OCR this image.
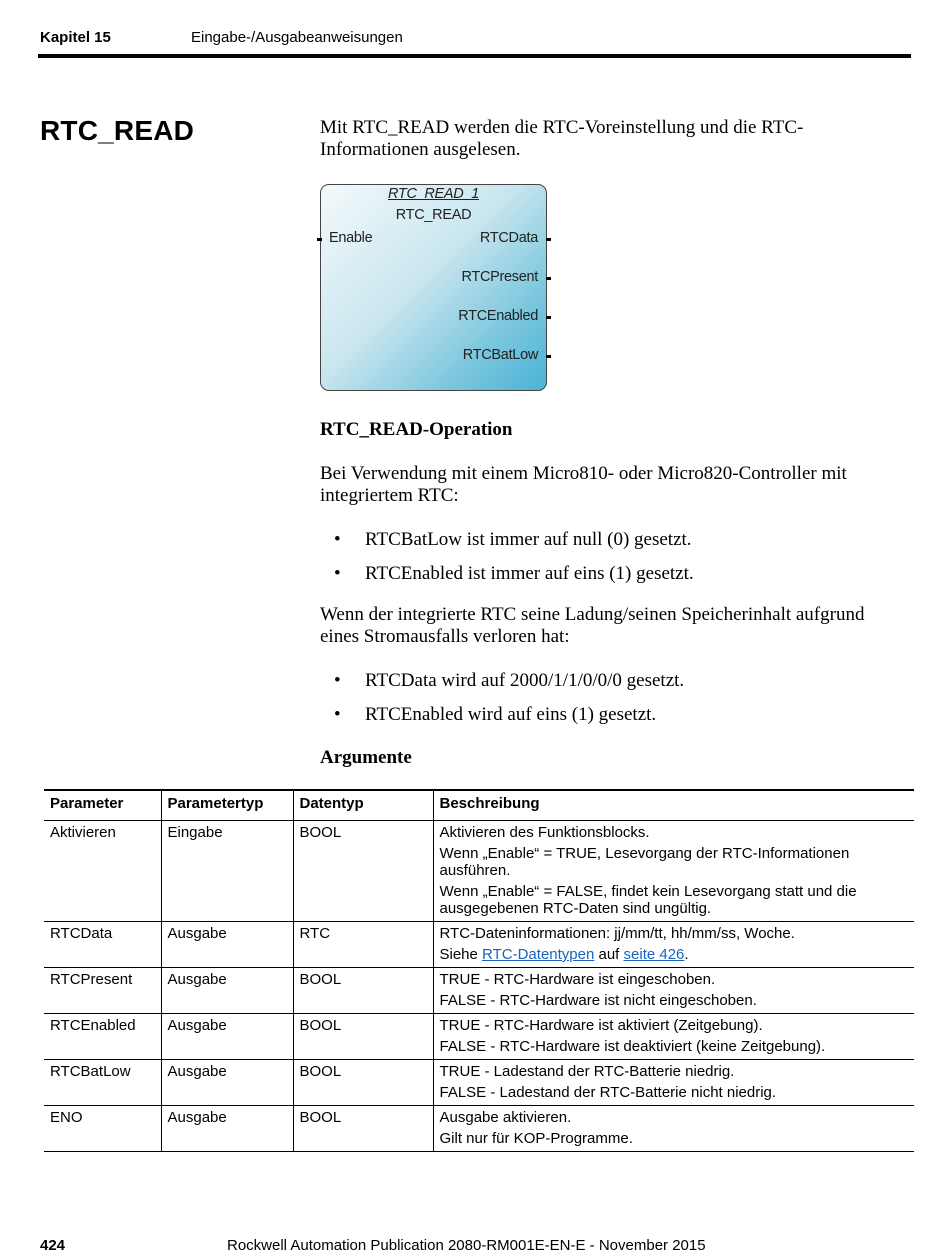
Kapitel 15	Eingabe-/Ausgabeanweisungen
RTC_READ	Mit RTC_READ werden die RTC-Voreinstellung und die RTC-Informationen ausgelesen.
RTC_READ_1
RTC_READ
Enable	RTCData
RTCPresent
RTCEnabled
RTCBatLow
RTC_READ-Operation
Bei Verwendung mit einem Micro810- oder Micro820-Controller mit integriertem RTC:
• RTCBatLow ist immer auf null (0) gesetzt.
• RTCEnabled ist immer auf eins (1) gesetzt.
Wenn der integrierte RTC seine Ladung/seinen Speicherinhalt aufgrund eines Stromausfalls verloren hat:
• RTCData wird auf 2000/1/1/0/0/0 gesetzt.
• RTCEnabled wird auf eins (1) gesetzt.
Argumente
Parameter	Parametertyp	Datentyp	Beschreibung
Aktivieren	Eingabe	BOOL	Aktivieren des Funktionsblocks.
Wenn „Enable“ = TRUE, Lesevorgang der RTC-Informationen ausführen.
Wenn „Enable“ = FALSE, findet kein Lesevorgang statt und die ausgegebenen RTC-Daten sind ungültig.

RTCData	Ausgabe	RTC	RTC-Dateninformationen: jj/mm/tt, hh/mm/ss, Woche.
Siehe RTC-Datentypen auf seite 426.

RTCPresent	Ausgabe	BOOL	TRUE - RTC-Hardware ist eingeschoben.
FALSE - RTC-Hardware ist nicht eingeschoben.

RTCEnabled	Ausgabe	BOOL	TRUE - RTC-Hardware ist aktiviert (Zeitgebung).
FALSE - RTC-Hardware ist deaktiviert (keine Zeitgebung).

RTCBatLow	Ausgabe	BOOL	TRUE - Ladestand der RTC-Batterie niedrig.
FALSE - Ladestand der RTC-Batterie nicht niedrig.

ENO	Ausgabe	BOOL	Ausgabe aktivieren.
Gilt nur für KOP-Programme.
424	Rockwell Automation Publication 2080-RM001E-EN-E - November 2015
